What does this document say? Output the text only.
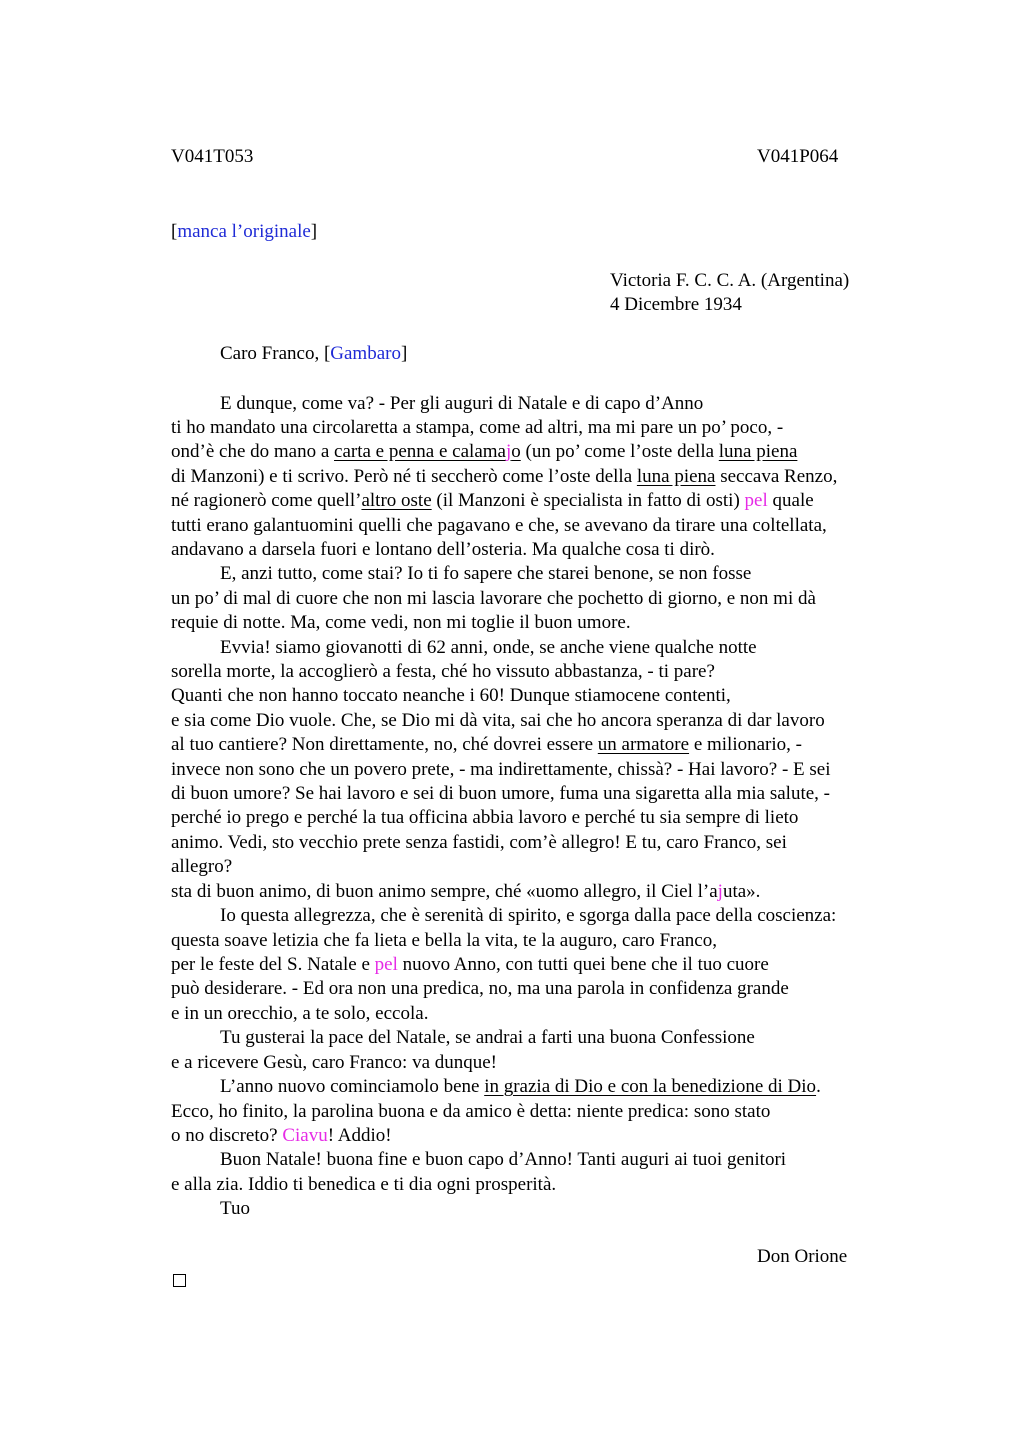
V041T053	V041P064
[manca l’originale]
Victoria F. C. C. A. (Argentina)
4 Dicembre 1934
Caro Franco, [Gambaro]
E dunque, come va? - Per gli auguri di Natale e di capo d’Anno
ti ho mandato una circolaretta a stampa, come ad altri, ma mi pare un po’ poco, -
ond’è che do mano a carta e penna e calamajo (un po’ come l’oste della luna piena
di Manzoni) e ti scrivo. Però né ti seccherò come l’oste della luna piena seccava Renzo,
né ragionerò come quell’altro oste (il Manzoni è specialista in fatto di osti) pel quale
tutti erano galantuomini quelli che pagavano e che, se avevano da tirare una coltellata,
andavano a darsela fuori e lontano dell’osteria. Ma qualche cosa ti dirò.
E, anzi tutto, come stai? Io ti fo sapere che starei benone, se non fosse
un po’ di mal di cuore che non mi lascia lavorare che pochetto di giorno, e non mi dà
requie di notte. Ma, come vedi, non mi toglie il buon umore.
Evvia! siamo giovanotti di 62 anni, onde, se anche viene qualche notte
sorella morte, la accoglierò a festa, ché ho vissuto abbastanza, - ti pare?
Quanti che non hanno toccato neanche i 60! Dunque stiamocene contenti,
e sia come Dio vuole. Che, se Dio mi dà vita, sai che ho ancora speranza di dar lavoro
al tuo cantiere? Non direttamente, no, ché dovrei essere un armatore e milionario, -
invece non sono che un povero prete, - ma indirettamente, chissà? - Hai lavoro? - E sei
di buon umore? Se hai lavoro e sei di buon umore, fuma una sigaretta alla mia salute, -
perché io prego e perché la tua officina abbia lavoro e perché tu sia sempre di lieto
animo. Vedi, sto vecchio prete senza fastidi, com’è allegro! E tu, caro Franco, sei
allegro?
sta di buon animo, di buon animo sempre, ché «uomo allegro, il Ciel l’ajuta».
Io questa allegrezza, che è serenità di spirito, e sgorga dalla pace della coscienza:
questa soave letizia che fa lieta e bella la vita, te la auguro, caro Franco,
per le feste del S. Natale e pel nuovo Anno, con tutti quei bene che il tuo cuore
può desiderare. - Ed ora non una predica, no, ma una parola in confidenza grande
e in un orecchio, a te solo, eccola.
Tu gusterai la pace del Natale, se andrai a farti una buona Confessione
e a ricevere Gesù, caro Franco: va dunque!
L’anno nuovo cominciamolo bene in grazia di Dio e con la benedizione di Dio.
Ecco, ho finito, la parolina buona e da amico è detta: niente predica: sono stato
o no discreto? Ciavu! Addio!
Buon Natale! buona fine e buon capo d’Anno! Tanti auguri ai tuoi genitori
e alla zia. Iddio ti benedica e ti dia ogni prosperità.
Tuo
Don Orione
